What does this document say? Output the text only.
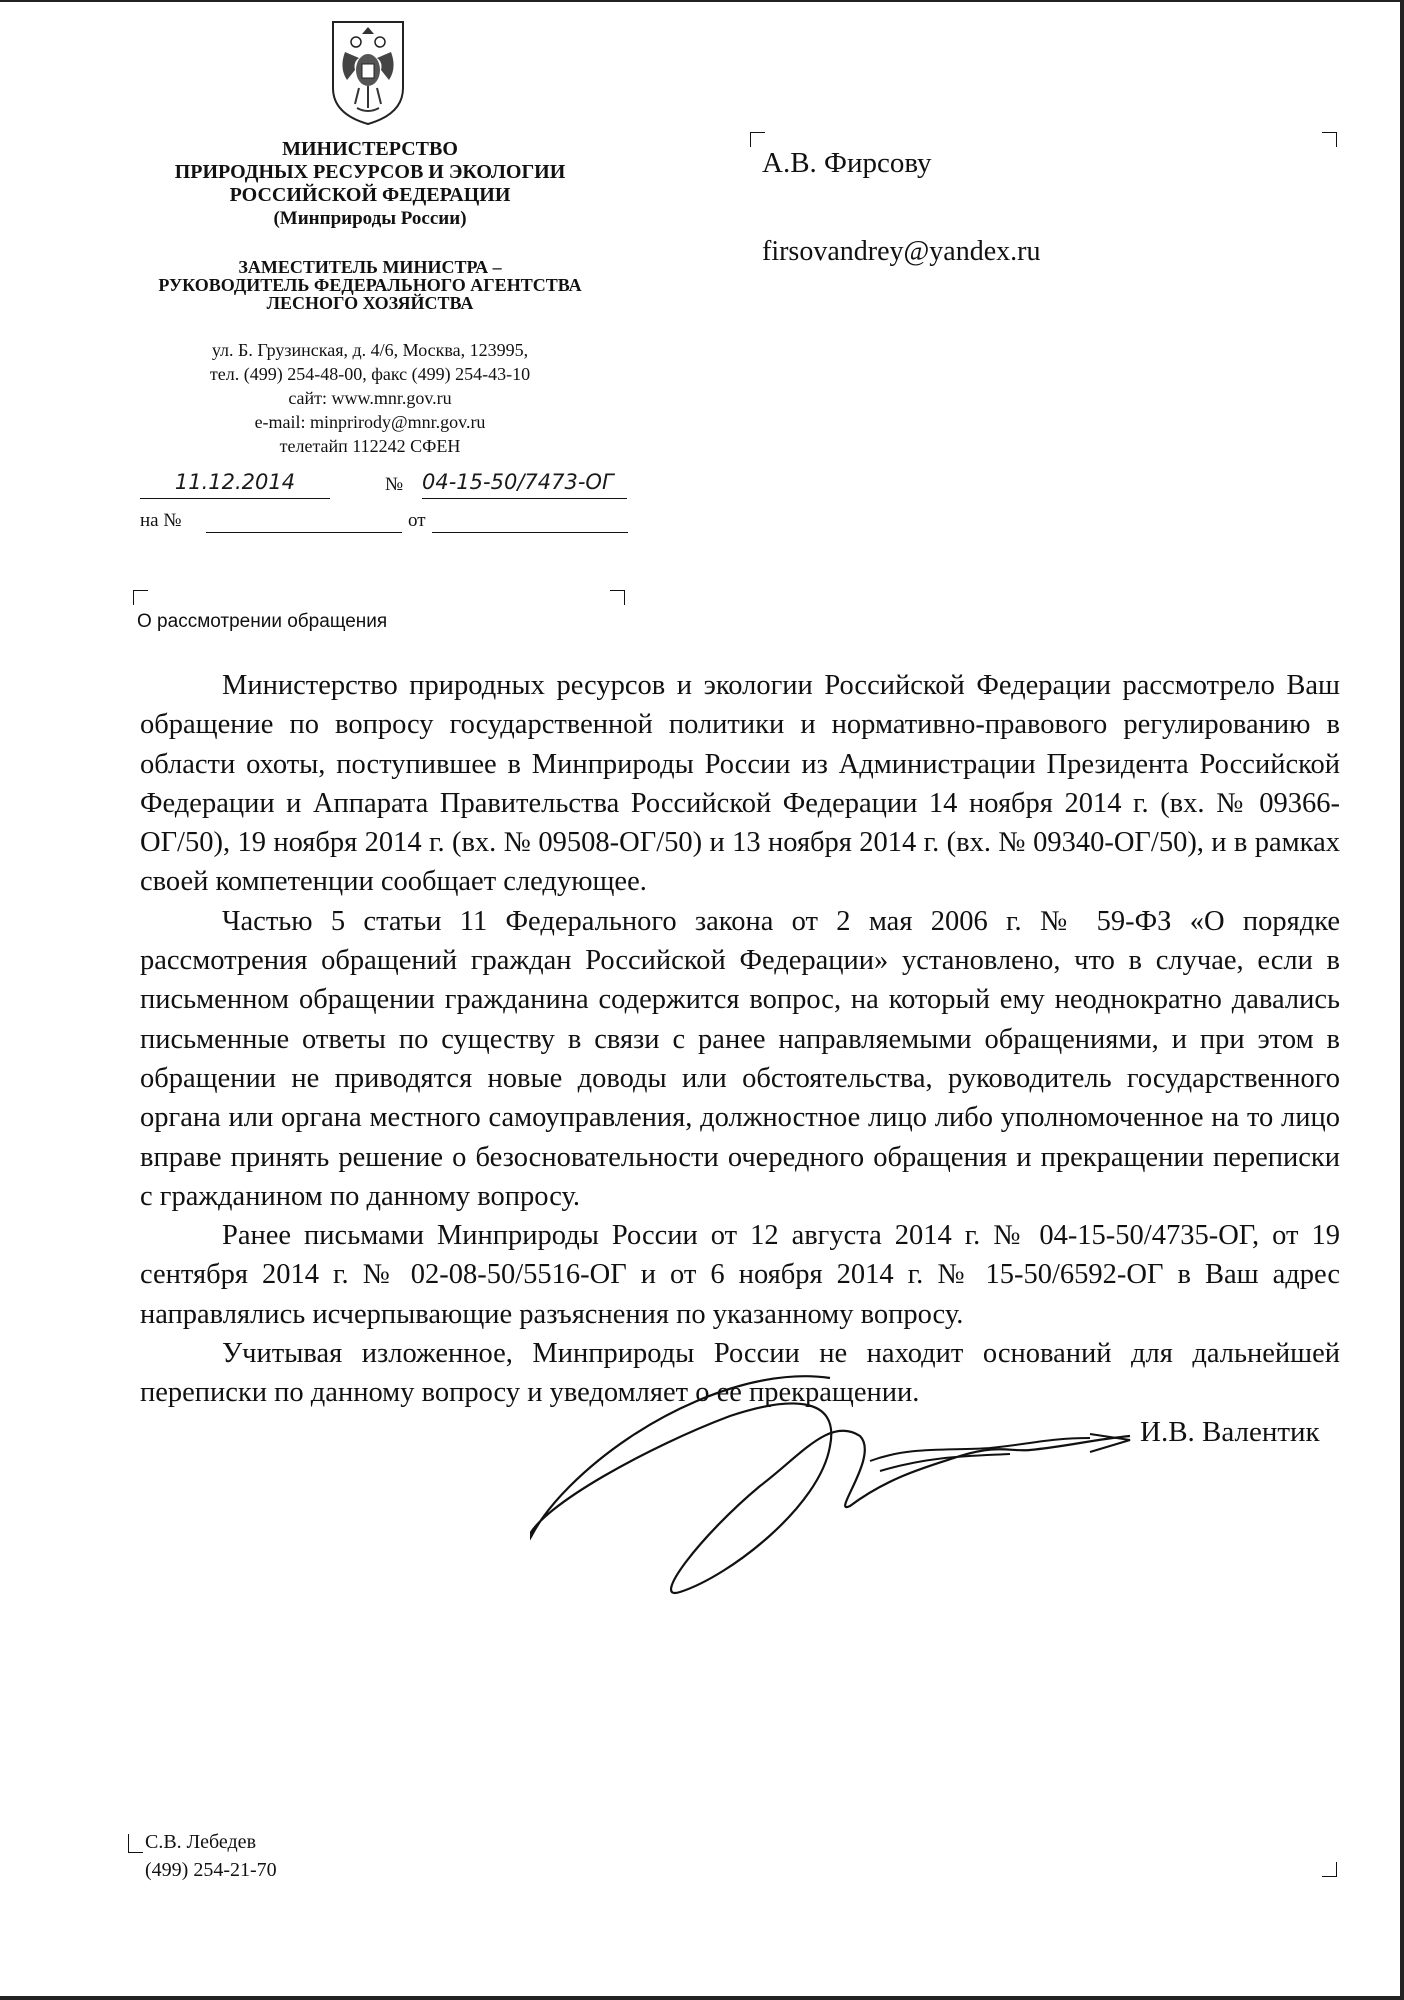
МИНИСТЕРСТВО
ПРИРОДНЫХ РЕСУРСОВ И ЭКОЛОГИИ
РОССИЙСКОЙ ФЕДЕРАЦИИ
(Минприроды России)
ЗАМЕСТИТЕЛЬ МИНИСТРА –
РУКОВОДИТЕЛЬ ФЕДЕРАЛЬНОГО АГЕНТСТВА
ЛЕСНОГО ХОЗЯЙСТВА
ул. Б. Грузинская, д. 4/6, Москва, 123995,
тел. (499) 254-48-00, факс (499) 254-43-10
сайт: www.mnr.gov.ru
e-mail: minprirody@mnr.gov.ru
телетайп 112242 СФЕН
11.12.2014	№ 04-15-50/7473-ОГ
на №	от
А.В. Фирсову
firsovandrey@yandex.ru
О рассмотрении обращения

Министерство природных ресурсов и экологии Российской Федерации рассмотрело Ваш обращение по вопросу государственной политики и нормативно-правового регулированию в области охоты, поступившее в Минприроды России из Администрации Президента Российской Федерации и Аппарата Правительства Российской Федерации 14 ноября 2014 г. (вх. № 09366-ОГ/50), 19 ноября 2014 г. (вх. № 09508-ОГ/50) и 13 ноября 2014 г. (вх. № 09340-ОГ/50), и в рамках своей компетенции сообщает следующее.

Частью 5 статьи 11 Федерального закона от 2 мая 2006 г. № 59-ФЗ «О порядке рассмотрения обращений граждан Российской Федерации» установлено, что в случае, если в письменном обращении гражданина содержится вопрос, на который ему неоднократно давались письменные ответы по существу в связи с ранее направляемыми обращениями, и при этом в обращении не приводятся новые доводы или обстоятельства, руководитель государственного органа или органа местного самоуправления, должностное лицо либо уполномоченное на то лицо вправе принять решение о безосновательности очередного обращения и прекращении переписки с гражданином по данному вопросу.

Ранее письмами Минприроды России от 12 августа 2014 г. № 04-15-50/4735-ОГ, от 19 сентября 2014 г. № 02-08-50/5516-ОГ и от 6 ноября 2014 г. № 15-50/6592-ОГ в Ваш адрес направлялись исчерпывающие разъяснения по указанному вопросу.

Учитывая изложенное, Минприроды России не находит оснований для дальнейшей переписки по данному вопросу и уведомляет о ее прекращении.

И.В. Валентик
С.В. Лебедев
(499) 254-21-70
